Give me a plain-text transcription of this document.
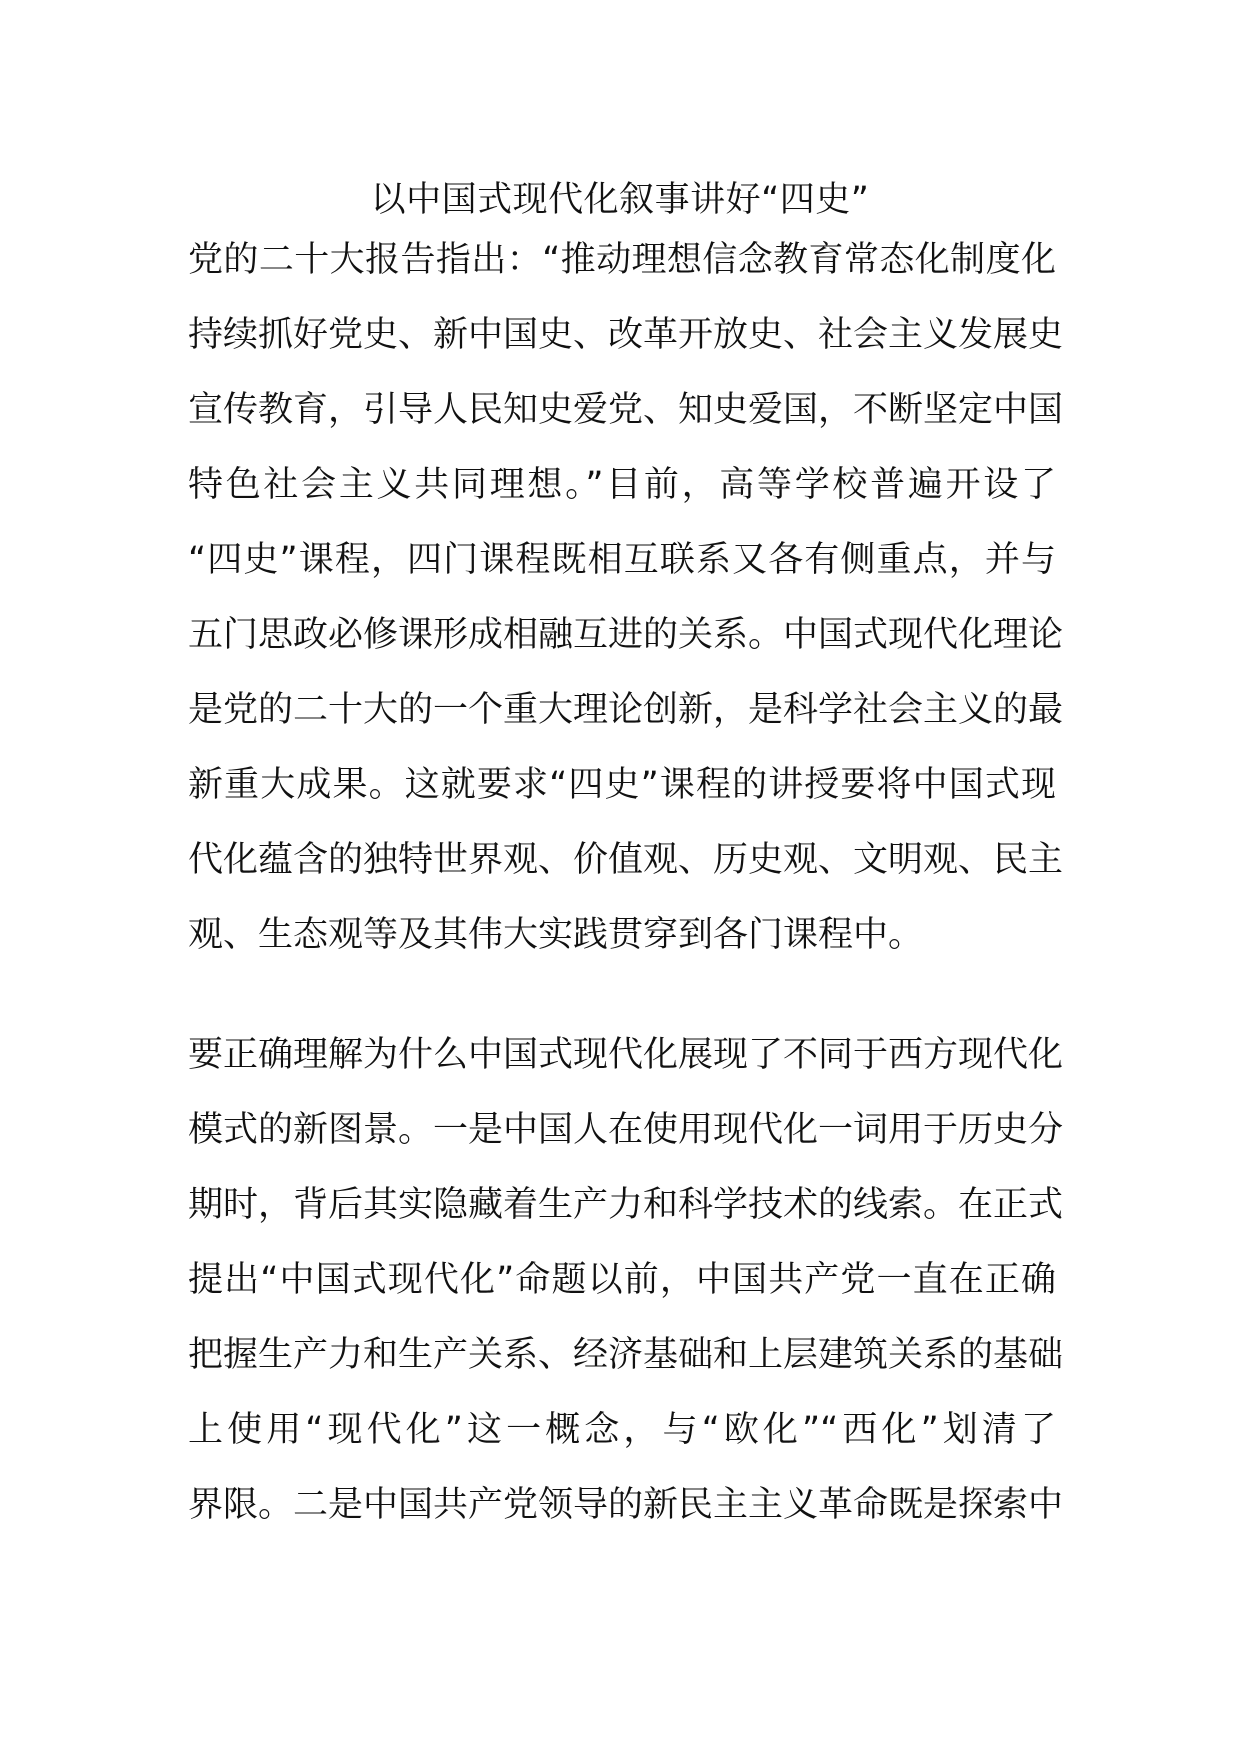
以中国式现代化叙事讲好“四史”
党的二十大报告指出：“推动理想信念教育常态化制度化
持续抓好党史、新中国史、改革开放史、社会主义发展史
宣传教育，引导人民知史爱党、知史爱国，不断坚定中国
特色社会主义共同理想。”目前，高等学校普遍开设了
“四史”课程，四门课程既相互联系又各有侧重点，并与
五门思政必修课形成相融互进的关系。中国式现代化理论
是党的二十大的一个重大理论创新，是科学社会主义的最
新重大成果。这就要求“四史”课程的讲授要将中国式现
代化蕴含的独特世界观、价值观、历史观、文明观、民主
观、生态观等及其伟大实践贯穿到各门课程中。
要正确理解为什么中国式现代化展现了不同于西方现代化
模式的新图景。一是中国人在使用现代化一词用于历史分
期时，背后其实隐藏着生产力和科学技术的线索。在正式
提出“中国式现代化”命题以前，中国共产党一直在正确
把握生产力和生产关系、经济基础和上层建筑关系的基础
上使用“现代化”这一概念，与“欧化”“西化”划清了
界限。二是中国共产党领导的新民主主义革命既是探索中
